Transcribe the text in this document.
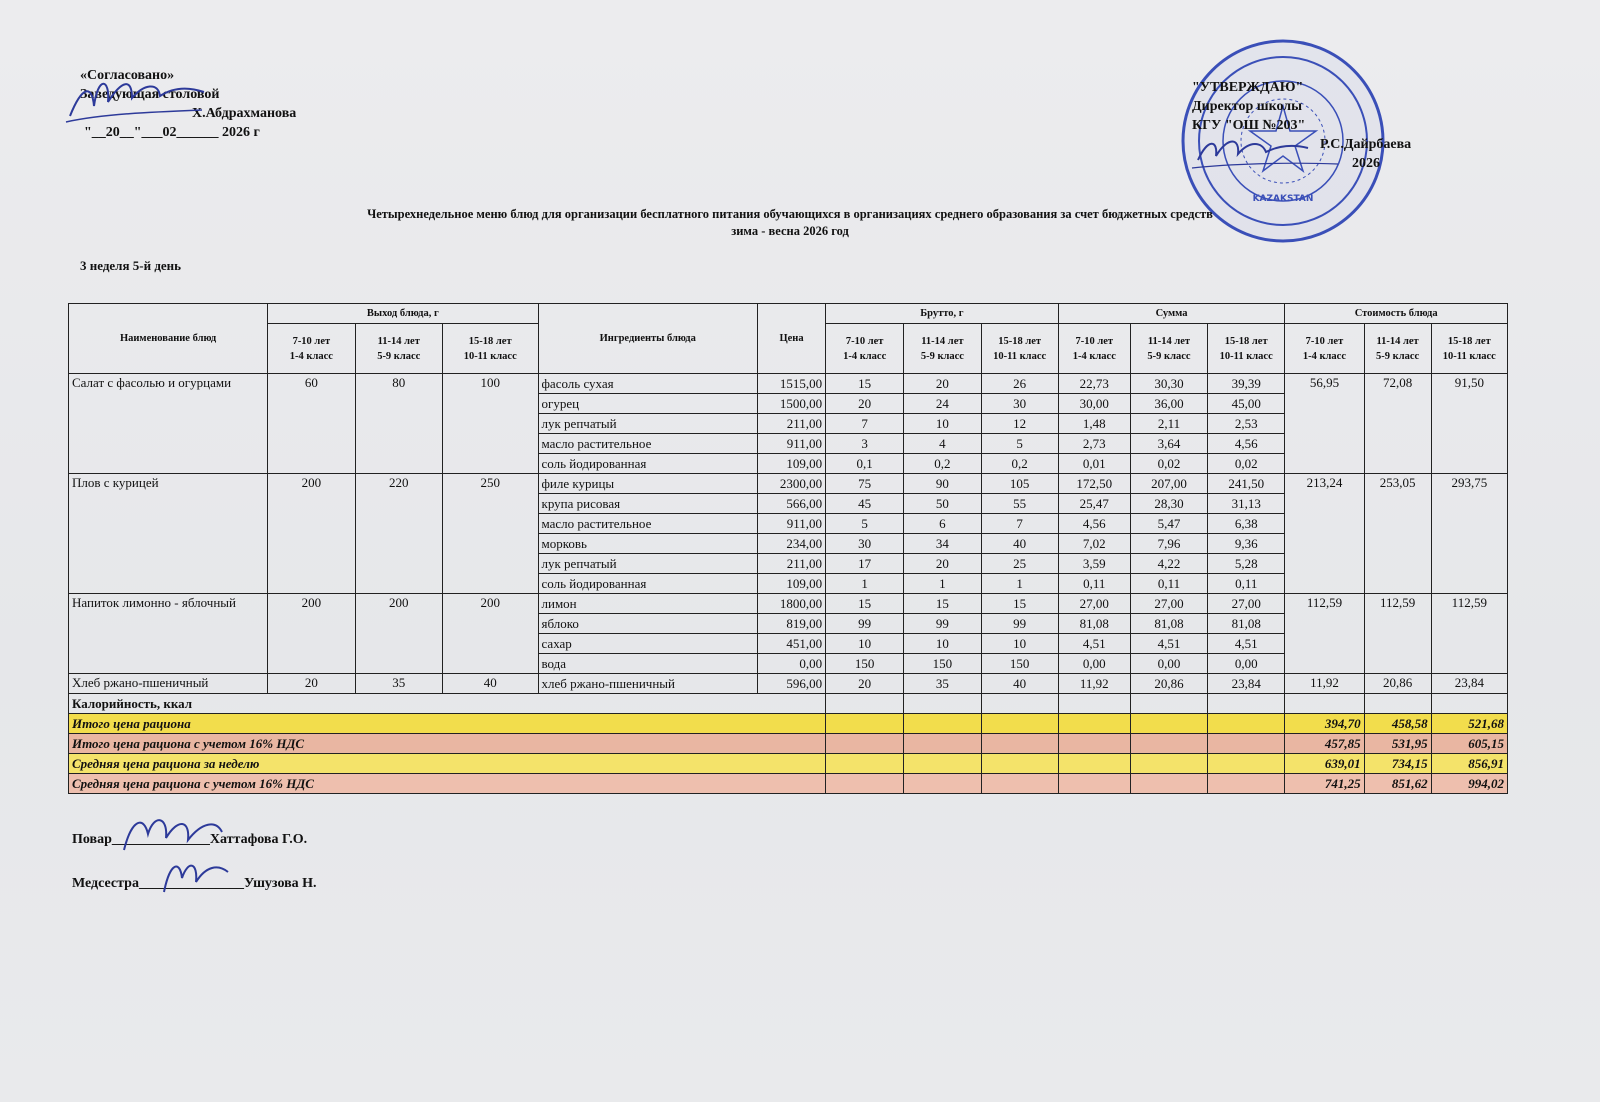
«Согласовано»
Заведующая столовой
Х.Абдрахманова
"__20__"___02______ 2026 г
KAZAKSTAN
"УТВЕРЖДАЮ"
Директор школы
КГУ "ОШ №203"
Р.С.Дайрбаева
2026
Четырехнедельное меню блюд для организации бесплатного питания обучающихся в организациях среднего образования за счет бюджетных средств
зима - весна 2026 год
3 неделя 5-й день
Наименование блюд	Выход блюда, г			Ингредиенты блюда	Цена	Брутто, г			Сумма			Стоимость блюда		
	7-10 лет
1-4 класс	11-14 лет
5-9 класс	15-18 лет
10-11 класс			7-10 лет
1-4 класс	11-14 лет
5-9 класс	15-18 лет
10-11 класс	7-10 лет
1-4 класс	11-14 лет
5-9 класс	15-18 лет
10-11 класс	7-10 лет
1-4 класс	11-14 лет
5-9 класс	15-18 лет
10-11 класс
Салат с фасолью и огурцами	60	80	100	фасоль сухая	1515,00	15	20	26	22,73	30,30	39,39	56,95	72,08	91,50
				огурец	1500,00	20	24	30	30,00	36,00	45,00			
				лук репчатый	211,00	7	10	12	1,48	2,11	2,53			
				масло растительное	911,00	3	4	5	2,73	3,64	4,56			
				соль йодированная	109,00	0,1	0,2	0,2	0,01	0,02	0,02			
Плов с курицей	200	220	250	филе курицы	2300,00	75	90	105	172,50	207,00	241,50	213,24	253,05	293,75
				крупа рисовая	566,00	45	50	55	25,47	28,30	31,13			
				масло растительное	911,00	5	6	7	4,56	5,47	6,38			
				морковь	234,00	30	34	40	7,02	7,96	9,36			
				лук репчатый	211,00	17	20	25	3,59	4,22	5,28			
				соль йодированная	109,00	1	1	1	0,11	0,11	0,11			
Напиток лимонно - яблочный	200	200	200	лимон	1800,00	15	15	15	27,00	27,00	27,00	112,59	112,59	112,59
				яблоко	819,00	99	99	99	81,08	81,08	81,08			
				сахар	451,00	10	10	10	4,51	4,51	4,51			
				вода	0,00	150	150	150	0,00	0,00	0,00			
Хлеб ржано-пшеничный	20	35	40	хлеб ржано-пшеничный	596,00	20	35	40	11,92	20,86	23,84	11,92	20,86	23,84
Калорийность, ккал														
Итого цена рациона												394,70	458,58	521,68
Итого цена рациона с учетом 16% НДС												457,85	531,95	605,15
Средняя цена рациона за неделю												639,01	734,15	856,91
Средняя цена рациона с учетом 16% НДС												741,25	851,62	994,02
Повар______________Хаттафова Г.О.
Медсестра_______________Ушузова Н.
